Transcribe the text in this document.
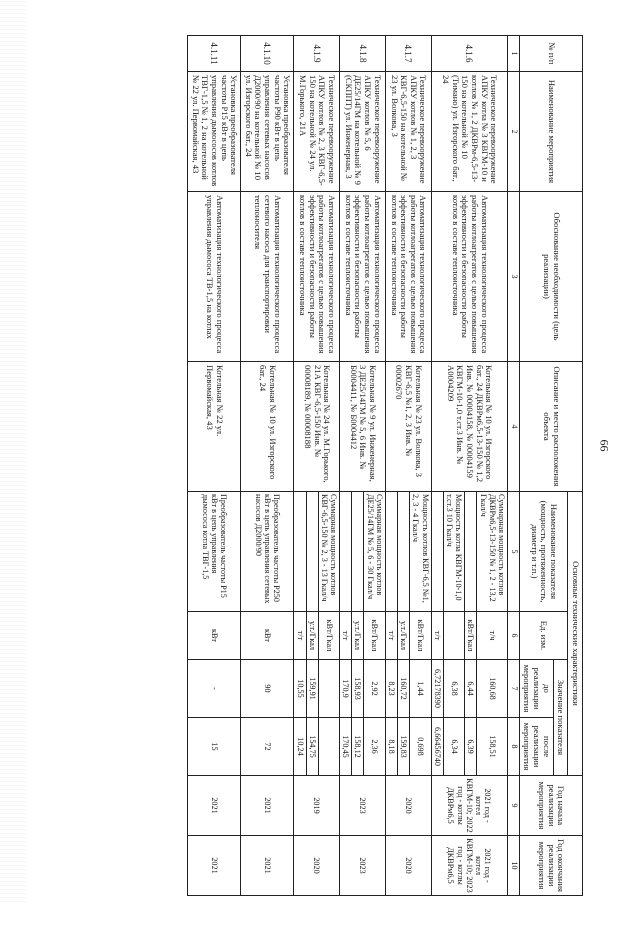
66
№ п/п	Наименование мероприятия	Обоснование необходимости (цель реализации)	Описание и место расположения объекта	Основные технические характеристики				Год начала реализации мероприятия	Год окончания реализации мероприятия
				Наименование показателя (мощность, протяженность, диаметр и т.п.)	Ед. изм.	Значение показателя			
						до реализации мероприятия	после реализации мероприятия		
1	2	3	4	5	6	7	8	9	10
4.1.6	Техническое перевооружение АПКУ котла № 3 КВГМ-10 и котлов № 1, 2 ДКВРм-6,5-13-150 на котельной № 10 (Тимано) ул. Изгорского бат., 24	Автоматизация технологического процесса работы котлоагрегатов с целью повышения эффективности и безопасности работы котлов в составе теплоисточника	Котельная № 10 ул. Изгорского бат., 24 ДКВРм6,5-13-150 № 1,2 Инв. № 00004158, № 00004159 КВГМ-10-1,0 т.ст.3 Инв. № А0004209	Суммарная мощность котлов ДКВРм6,5-13-150 № 1, 2 - 13,2 Гкал/ч	т/ч	160,68	158,51	2021 год - котел КВГМ-10; 2022 год - котлы ДКВРм6,5	2021 год - котел КВГМ-10; 2023 год - котлы ДКВРм6,5
					кВт/Гкал	6,44	6,39		
				Мощность котла КВГМ-10-1,0 т.ст.3 10 Гкал/ч		6,38	6,34		
					т/т	6,72178390	6,66456740		
4.1.7	Техническое перевооружение АПКУ котлов № 1, 2, 3 КВГ-6,5-150 на котельной № 23 ул. Волкова, 3	Автоматизация технологического процесса работы котлоагрегатов с целью повышения эффективности и безопасности работы котлов в составе теплоисточника	Котельная № 23 ул. Волкова, 3 КВГ-6,5 №1, 2, 3 Инв. № 00002670	Мощность котлов КВГ-6,5 №1, 2, 3 - 4 Гкал/ч	кВт/Гкал	1,44	0,698	2020	2020
					у.т./Гкал	160,72	159,83		
					т/т	8,23	8,18		
4.1.8	Техническое перевооружение АПКУ котлов № 5, 6 ДЕ25/14ГМ на котельной № 9 (СКППТ) ул. Инженерная, 3	Автоматизация технологического процесса работы котлоагрегатов с целью повышения эффективности и безопасности работы котлов в составе теплоисточника	Котельная № 9 ул. Инженерная, 3 ДЕ25/14ГМ № 5, 6 Инв. № Б0004411, № Б0004412	Суммарная мощность котлов ДЕ25/14ГМ № 5, 6 - 30 Гкал/ч	кВт/Гкал	2,92	2,36	2023	2023
					у.т./Гкал	158,93	158,12		
					т/т	170,9	170,45		
4.1.9	Техническое перевооружение АПКУ котлов № 2, 3 КВГ-6,5-150 на котельной № 24 ул. М.Горького, 21А	Автоматизация технологического процесса работы котлоагрегатов с целью повышения эффективности и безопасности работы котлов в составе теплоисточника	Котельная № 24 ул. М.Горького, 21А КВГ-6,5-150 Инв. № 00008189, № 00008188	Суммарная мощность котлов КВГ-6,5-150 № 2, 3 - 13 Гкал/ч	кВт/Гкал			2019	2020
					у.т./Гкал	159,91	154,75		
					т/т	10,55	10,24		
4.1.10	Установка преобразователя частоты Р90 кВт в цепь управления сетевых насосов Д2000/90 на котельной № 10 ул. Изгорского бат., 24	Автоматизация технологического процесса сетевого насоса для транспортировки теплоносителя	Котельная № 10 ул. Изгорского бат., 24	Преобразователь частоты Р250 кВт в цепь управления сетевых насосов Д2000/90	кВт	90	72	2021	2021
4.1.11	Установка преобразователя частоты Р15 кВт в цепь управления дымососов котлов ТВГ-1,5 № 1, 2 на котельной № 22 ул. Первомайская, 43	Автоматизация технологического процесса управления дымососа ТВ-1,5 на котлах	Котельная № 22 ул. Первомайская, 43	Преобразователь частоты Р15 кВт в цепь управления дымососа котла ТВГ-1,5	кВт	-	15	2021	2021
